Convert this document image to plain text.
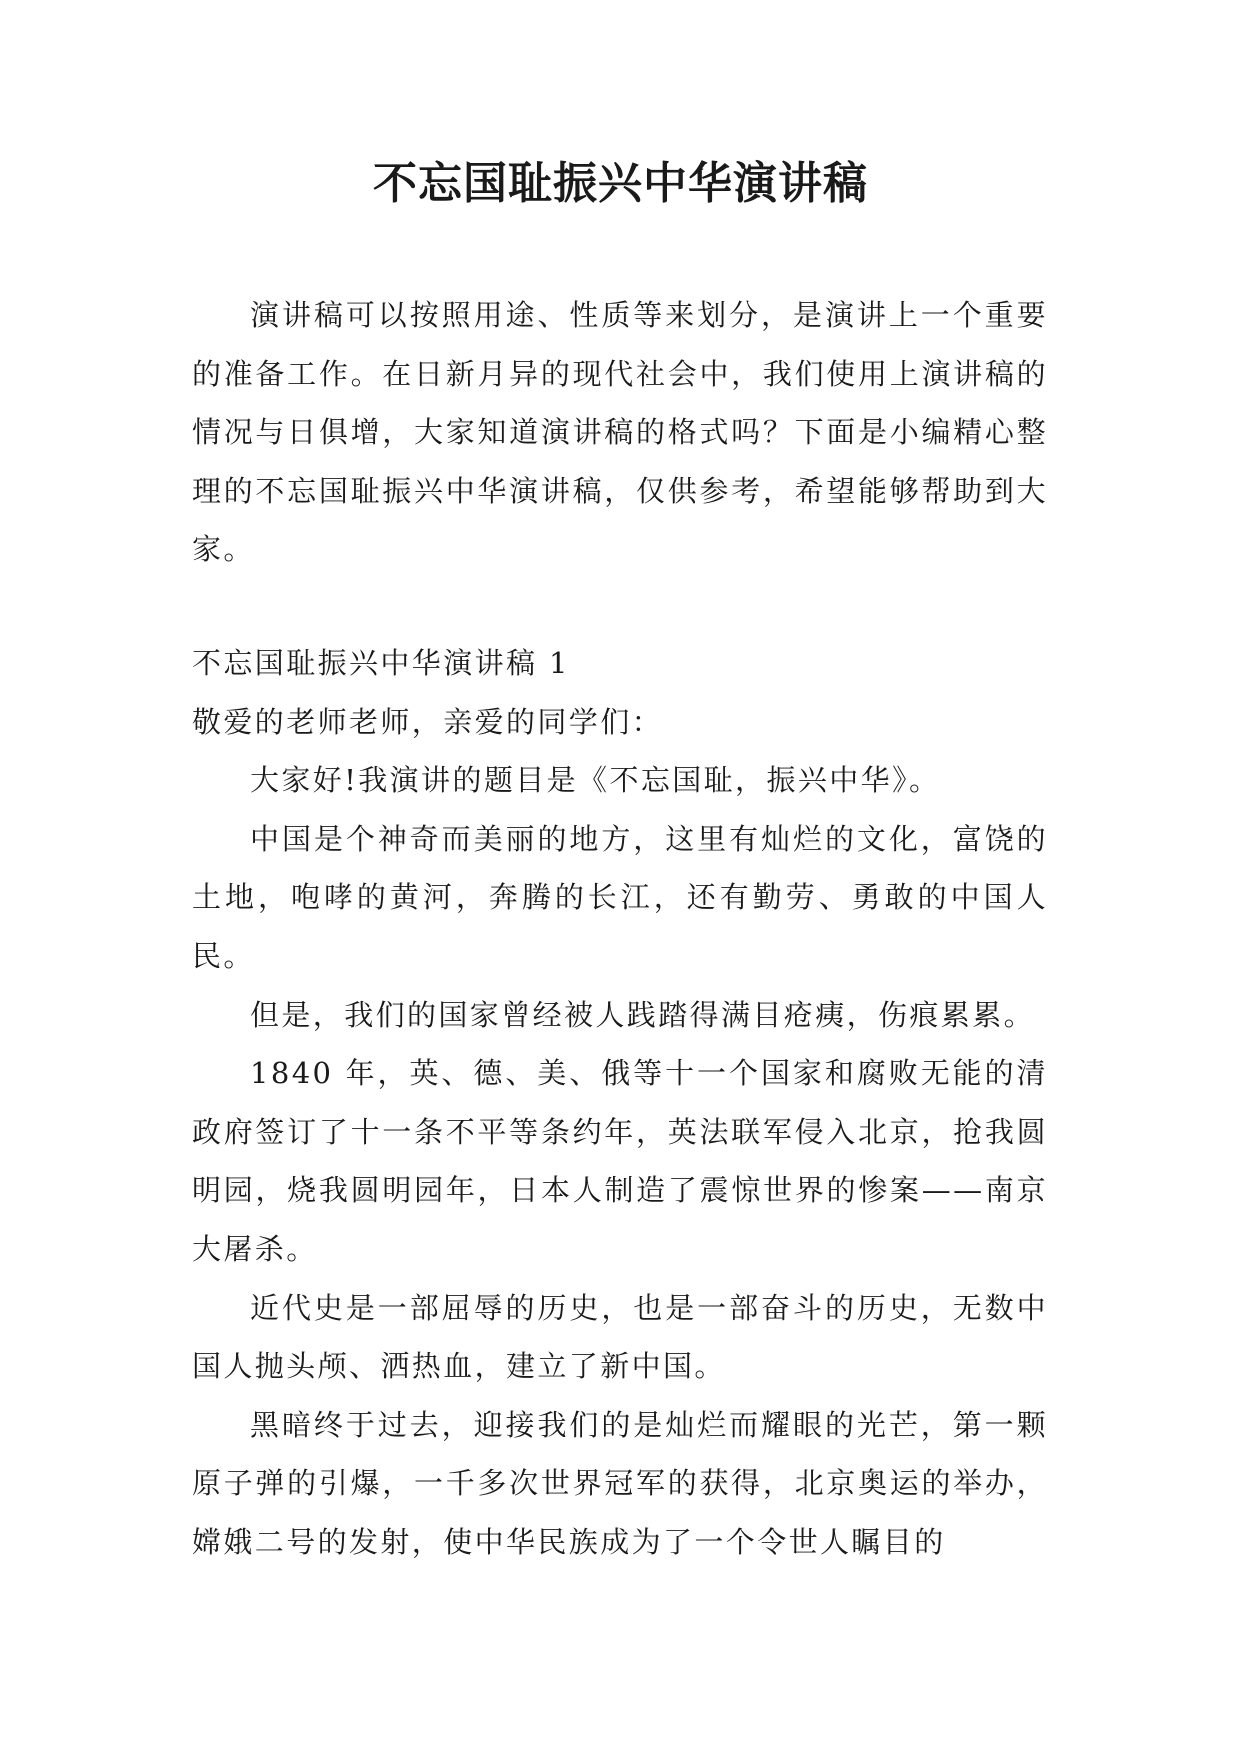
不忘国耻振兴中华演讲稿

演讲稿可以按照用途、性质等来划分，是演讲上一个重要的准备工作。在日新月异的现代社会中，我们使用上演讲稿的情况与日俱增，大家知道演讲稿的格式吗？下面是小编精心整理的不忘国耻振兴中华演讲稿，仅供参考，希望能够帮助到大家。

不忘国耻振兴中华演讲稿 1

敬爱的老师老师，亲爱的同学们：

大家好!我演讲的题目是《不忘国耻，振兴中华》。

中国是个神奇而美丽的地方，这里有灿烂的文化，富饶的土地，咆哮的黄河，奔腾的长江，还有勤劳、勇敢的中国人民。

但是，我们的国家曾经被人践踏得满目疮痍，伤痕累累。

1840 年，英、德、美、俄等十一个国家和腐败无能的清政府签订了十一条不平等条约年，英法联军侵入北京，抢我圆明园，烧我圆明园年，日本人制造了震惊世界的惨案——南京大屠杀。

近代史是一部屈辱的历史，也是一部奋斗的历史，无数中国人抛头颅、洒热血，建立了新中国。

黑暗终于过去，迎接我们的是灿烂而耀眼的光芒，第一颗原子弹的引爆，一千多次世界冠军的获得，北京奥运的举办，嫦娥二号的发射，使中华民族成为了一个令世人瞩目的
